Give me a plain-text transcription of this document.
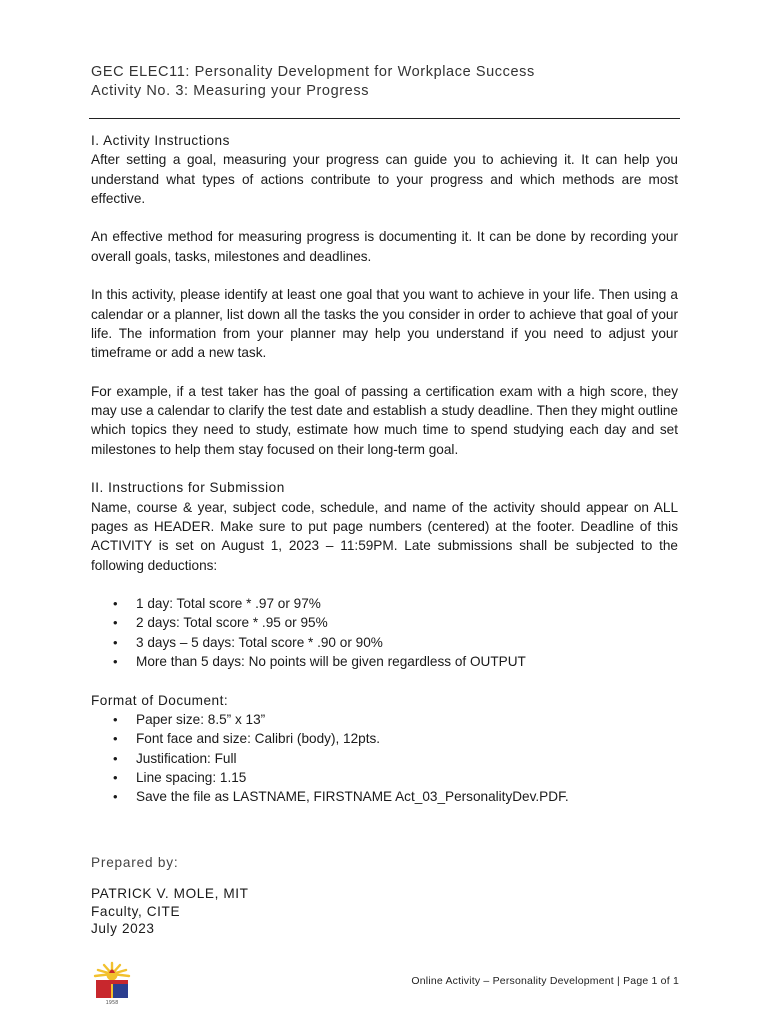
GEC ELEC11: Personality Development for Workplace Success
Activity No. 3: Measuring your Progress

I. Activity Instructions

After setting a goal, measuring your progress can guide you to achieving it. It can help you understand what types of actions contribute to your progress and which methods are most effective.

An effective method for measuring progress is documenting it. It can be done by recording your overall goals, tasks, milestones and deadlines.

In this activity, please identify at least one goal that you want to achieve in your life. Then using a calendar or a planner, list down all the tasks the you consider in order to achieve that goal of your life. The information from your planner may help you understand if you need to adjust your timeframe or add a new task.

For example, if a test taker has the goal of passing a certification exam with a high score, they may use a calendar to clarify the test date and establish a study deadline. Then they might outline which topics they need to study, estimate how much time to spend studying each day and set milestones to help them stay focused on their long-term goal.

II. Instructions for Submission

Name, course & year, subject code, schedule, and name of the activity should appear on ALL pages as HEADER. Make sure to put page numbers (centered) at the footer. Deadline of this ACTIVITY is set on August 1, 2023 – 11:59PM. Late submissions shall be subjected to the following deductions:

• 1 day: Total score * .97 or 97%
• 2 days: Total score * .95 or 95%
• 3 days – 5 days: Total score * .90 or 90%
• More than 5 days: No points will be given regardless of OUTPUT

Format of Document:

• Paper size: 8.5” x 13”
• Font face and size: Calibri (body), 12pts.
• Justification: Full
• Line spacing: 1.15
• Save the file as LASTNAME, FIRSTNAME Act_03_PersonalityDev.PDF.
Prepared by:
PATRICK V. MOLE, MIT
Faculty, CITE
July 2023
1958
Online Activity – Personality Development | Page 1 of 1
